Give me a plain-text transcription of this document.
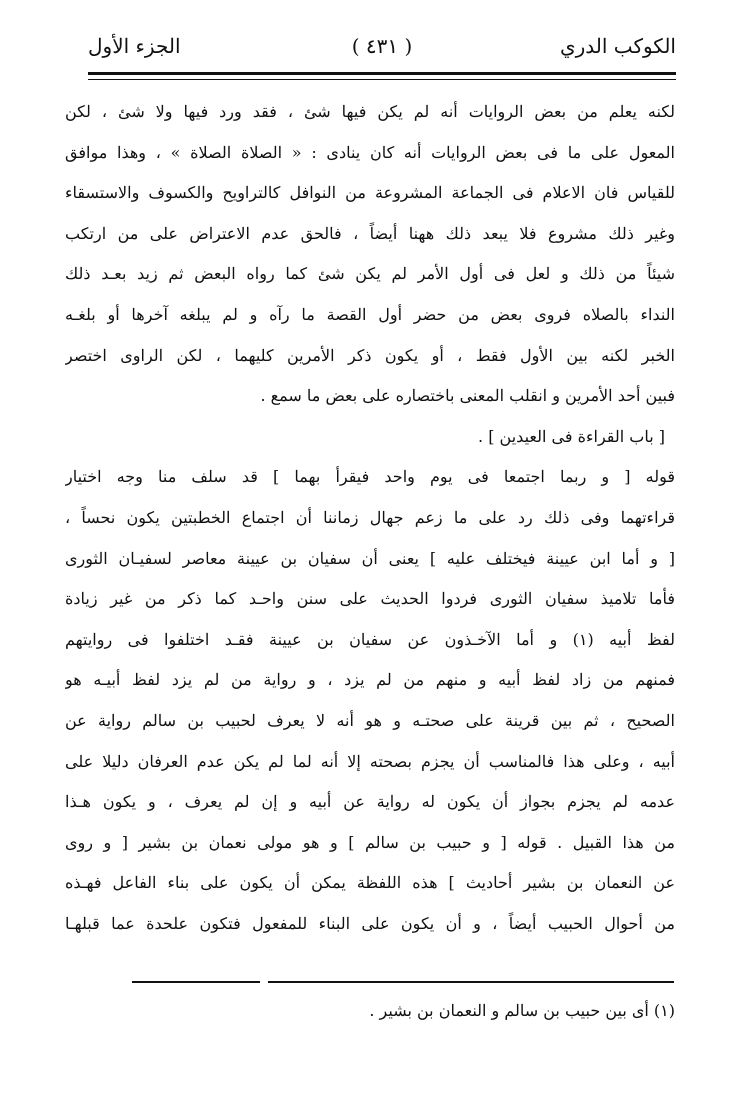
الكوكب الدري
( ٤٣١ )
الجزء الأول
لكنه يعلم من بعض الروايات أنه لم يكن فيها شئ ، فقد ورد فيها ولا شئ ، لكن
المعول على ما فى بعض الروايات أنه كان ينادى : « الصلاة الصلاة » ، وهذا موافق
للقياس فان الاعلام فى الجماعة المشروعة من النوافل كالتراويح والكسوف والاستسقاء
وغير ذلك مشروع فلا يبعد ذلك ههنا أيضاً ، فالحق عدم الاعتراض على من ارتكب
شيئاً من ذلك و لعل فى أول الأمر لم يكن شئ كما رواه البعض ثم زيد بعـد ذلك
النداء بالصلاه فروى بعض من حضر أول القصة ما رآه و لم يبلغه آخرها أو بلغـه
الخبر لكنه بين الأول فقط ، أو يكون ذكر الأمرين كليهما ، لكن الراوى اختصر
فبين أحد الأمرين و انقلب المعنى باختصاره على بعض ما سمع .
[ باب القراءة فى العيدين ] .
قوله [ و ربما اجتمعا فى يوم واحد فيقرأ بهما ] قد سلف منا وجه اختيار
قراءتهما وفى ذلك رد على ما زعم جهال زماننا أن اجتماع الخطبتين يكون نحساً ،
[ و أما ابن عيينة فيختلف عليه ] يعنى أن سفيان بن عيينة معاصر لسفيـان الثورى
فأما تلاميذ سفيان الثورى فردوا الحديث على سنن واحـد كما ذكر من غير زيادة
لفظ أبيه (١) و أما الآخـذون عن سفيان بن عيينة فقـد اختلفوا فى روايتهم
فمنهم من زاد لفظ أبيه و منهم من لم يزد ، و رواية من لم يزد لفظ أبيـه هو
الصحيح ، ثم بين قرينة على صحتـه و هو أنه لا يعرف لحبيب بن سالم رواية عن
أبيه ، وعلى هذا فالمناسب أن يجزم بصحته إلا أنه لما لم يكن عدم العرفان دليلا على
عدمه لم يجزم بجواز أن يكون له رواية عن أبيه و إن لم يعرف ، و يكون هـذا
من هذا القبيل . قوله [ و حبيب بن سالم ] و هو مولى نعمان بن بشير [ و روى
عن النعمان بن بشير أحاديث ] هذه اللفظة يمكن أن يكون على بناء الفاعل فهـذه
من أحوال الحبيب أيضاً ، و أن يكون على البناء للمفعول فتكون علحدة عما قبلهـا
(١) أى بين حبيب بن سالم و النعمان بن بشير .
